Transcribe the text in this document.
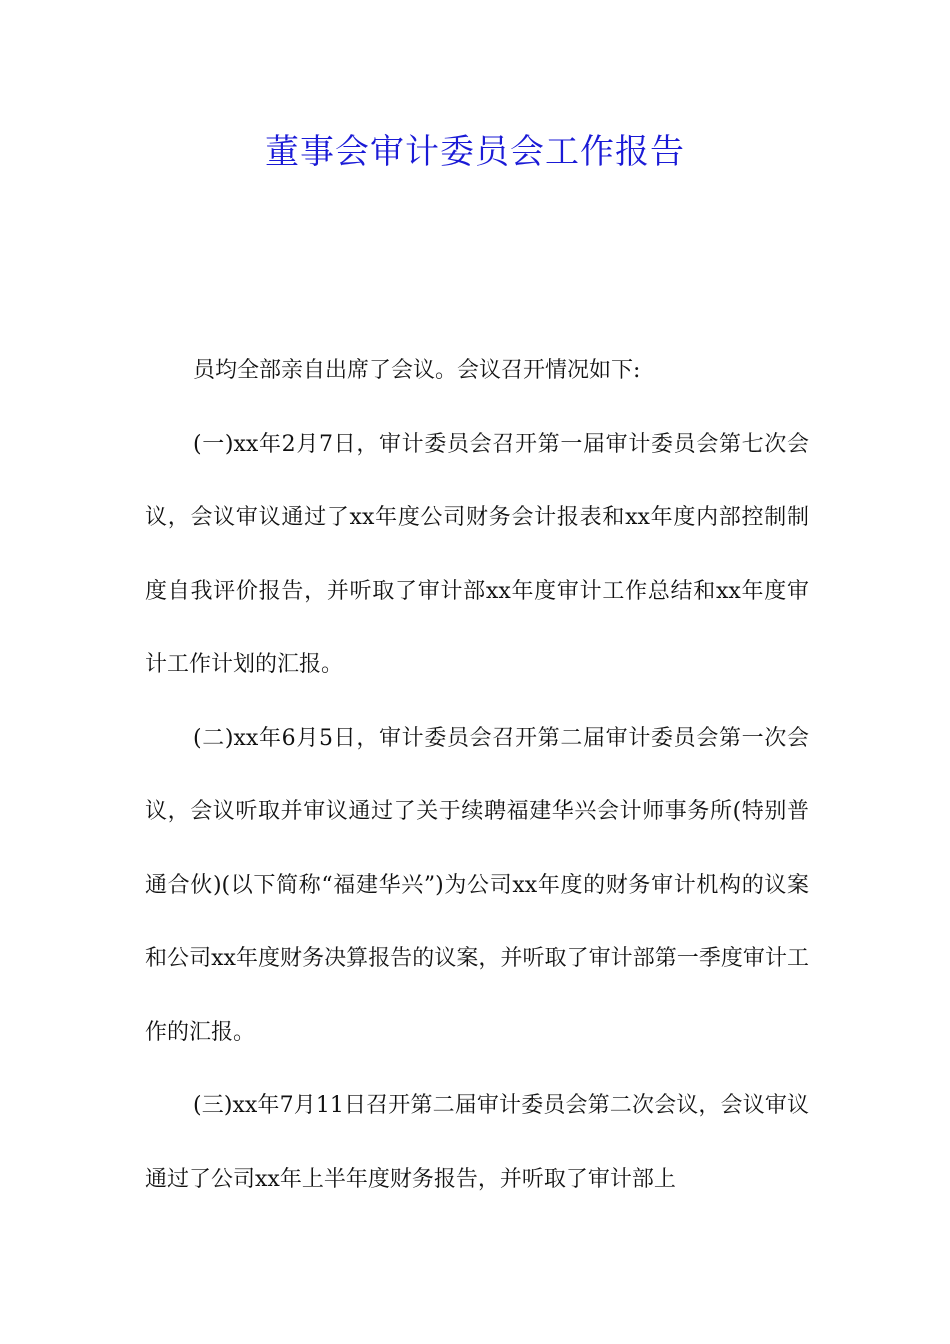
董事会审计委员会工作报告

员均全部亲自出席了会议。会议召开情况如下:

(一)xx年2月7日，审计委员会召开第一届审计委员会第七次会议，会议审议通过了xx年度公司财务会计报表和xx年度内部控制制度自我评价报告，并听取了审计部xx年度审计工作总结和xx年度审计工作计划的汇报。

(二)xx年6月5日，审计委员会召开第二届审计委员会第一次会议，会议听取并审议通过了关于续聘福建华兴会计师事务所(特别普通合伙)(以下简称“福建华兴”)为公司xx年度的财务审计机构的议案和公司xx年度财务决算报告的议案，并听取了审计部第一季度审计工作的汇报。

(三)xx年7月11日召开第二届审计委员会第二次会议，会议审议通过了公司xx年上半年度财务报告，并听取了审计部上
